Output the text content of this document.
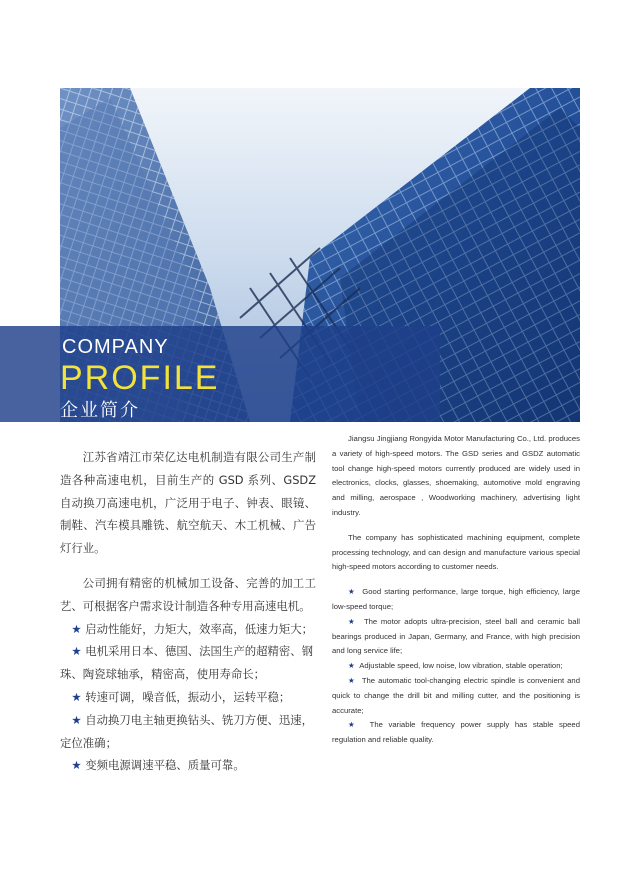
COMPANY
PROFILE
企业简介

江苏省靖江市荣亿达电机制造有限公司生产制造各种高速电机，目前生产的 GSD 系列、GSDZ 自动换刀高速电机，广泛用于电子、钟表、眼镜、制鞋、汽车模具雕铣、航空航天、木工机械、广告灯行业。

公司拥有精密的机械加工设备、完善的加工工艺、可根据客户需求设计制造各种专用高速电机。

★ 启动性能好，力矩大，效率高，低速力矩大；

★ 电机采用日本、德国、法国生产的超精密、钢珠、陶瓷球轴承，精密高，使用寿命长；

★ 转速可调，噪音低，振动小，运转平稳；

★ 自动换刀电主轴更换钻头、铣刀方便、迅速，定位准确；

★ 变频电源调速平稳、质量可靠。

Jiangsu Jingjiang Rongyida Motor Manufacturing Co., Ltd. produces a variety of high-speed motors. The GSD series and GSDZ automatic tool change high-speed motors currently produced are widely used in electronics, clocks, glasses, shoemaking, automotive mold engraving and milling, aerospace , Woodworking machinery, advertising light industry.

The company has sophisticated machining equipment, complete processing technology, and can design and manufacture various special high-speed motors according to customer needs.

★ Good starting performance, large torque, high efficiency, large low-speed torque;

★ The motor adopts ultra-precision, steel ball and ceramic ball bearings produced in Japan, Germany, and France, with high precision and long service life;

★ Adjustable speed, low noise, low vibration, stable operation;

★ The automatic tool-changing electric spindle is convenient and quick to change the drill bit and milling cutter, and the positioning is accurate;

★ The variable frequency power supply has stable speed regulation and reliable quality.
